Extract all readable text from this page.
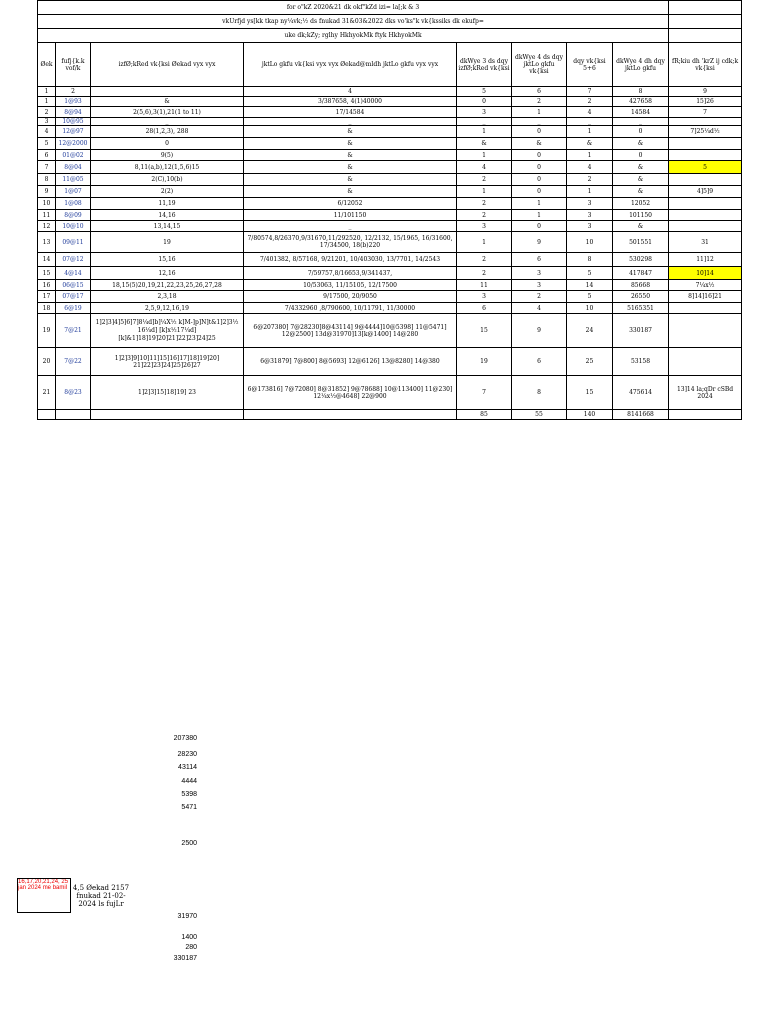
for o"kZ 2020&21 dk okf"kZd izi= la[;k & 3								
vkUrfjd ys[kk tkap ny¼vk;½ ds fnukad 31&03&2022 dks vo'ks"k vk{kssiks dk ekufp=								
uke dk;kZy; rglhy HkhyokMk ftyk HkhyokMk								
Øek	fufj{k.k vof/k	izfØ;kRed vk{ksi Øekad vyx vyx	jktLo gkfu vk{ksi vyx vyx Øekad@mldh jktLo gkfu vyx vyx	dkWye 3 ds dqy izfØ;kRed vk{ksi	dkWye 4 ds dqy jktLo gkfu vk{ksi	dqy vk{ksi 5+6	dkWye 4 dh dqy jktLo gkfu	fR;kiu dh 'krZ ij cdk;k vk{ksi
1	2		4	5	6	7	8	9
1	1@93	&	3/387658, 4(1)40000	0	2	2	427658	15]26
2	8@94	2(5,6),3(1),21(1 to 11)	17/14584	3	1	4	14584	7
3	10@95	_	_	_	_	_	_	
4	12@97	28(1,2,3), 288	&	1	0	1	0	7]25¼d½
5	12@2000	0	&	&	&	&	&	
6	01@02	9(5)	&	1	0	1	0	
7	8@04	8,11(a,b),12(1,5,6)15	&	4	0	4	&	5
8	11@05	2(C),10(b)	&	2	0	2	&	
9	1@07	2(2)	&	1	0	1	&	4]5]9
10	1@08	11,19	6/12052	2	1	3	12052	
11	8@09	14,16	11/101150	2	1	3	101150	
12	10@10	13,14,15	_	3	0	3	&	
13	09@11	19	7/80574,8/26370,9/31670,11/292520, 12/2132, 15/1965, 16/31600, 17/34500, 18(b)220	1	9	10	501551	31
14	07@12	15,16	7/401382, 8/57168, 9/21201, 10/403030, 13/7701, 14/2543	2	6	8	530298	11]12
15	4@14	12,16	7/59757,8/16653,9/341437,	2	3	5	417847	10]14
16	06@15	18,15(5)20,19,21,22,23,25,26,27,28	10/53063, 11/15105, 12/17500	11	3	14	85668	7¼x½
17	07@17	2,3,18	9/17500, 20/9050	3	2	5	26550	8]14]16]21
18	6@19	2,5,9,12,16,19	7/4332960 ,8/790600, 10/11791, 11/30000	6	4	10	5165351	
19	7@21	1]2]3]4]5]6]7]8¼d]b]¼X½ k]M-]p]N]t&1]2]3½ 16¼d] [k]x½17¼d] [k]&1]18]19]20]21]22]23]24]25	6@207380] 7@28230]8@43114] 9@4444]10@5398] 11@5471] 12@2500] 13d@31970]13[k@1400] 14@280	15	9	24	330187	
20	7@22	1]2]3]9]10]11]15]16]17]18]19]20] 21]22]23]24]25]26]27	6@31879] 7@800] 8@5693] 12@6126] 13@8280] 14@380	19	6	25	53158	
21	8@23	1]2]3]15]18]19] 23	6@173816] 7@72080] 8@31852] 9@78688] 10@113400] 11@230] 12¼x½@4648] 22@900	7	8	15	475614	13]14 la;qDr cSBd 2024
				85	55	140	8141668	
207380
28230
43114
4444
5398
5471
2500
31970
1400
280
330187
16,17,20,21,24, 25 jan 2024 me bamil 4,5 Øekad 2157 fnukad 21-02-2024 ls fujLr
